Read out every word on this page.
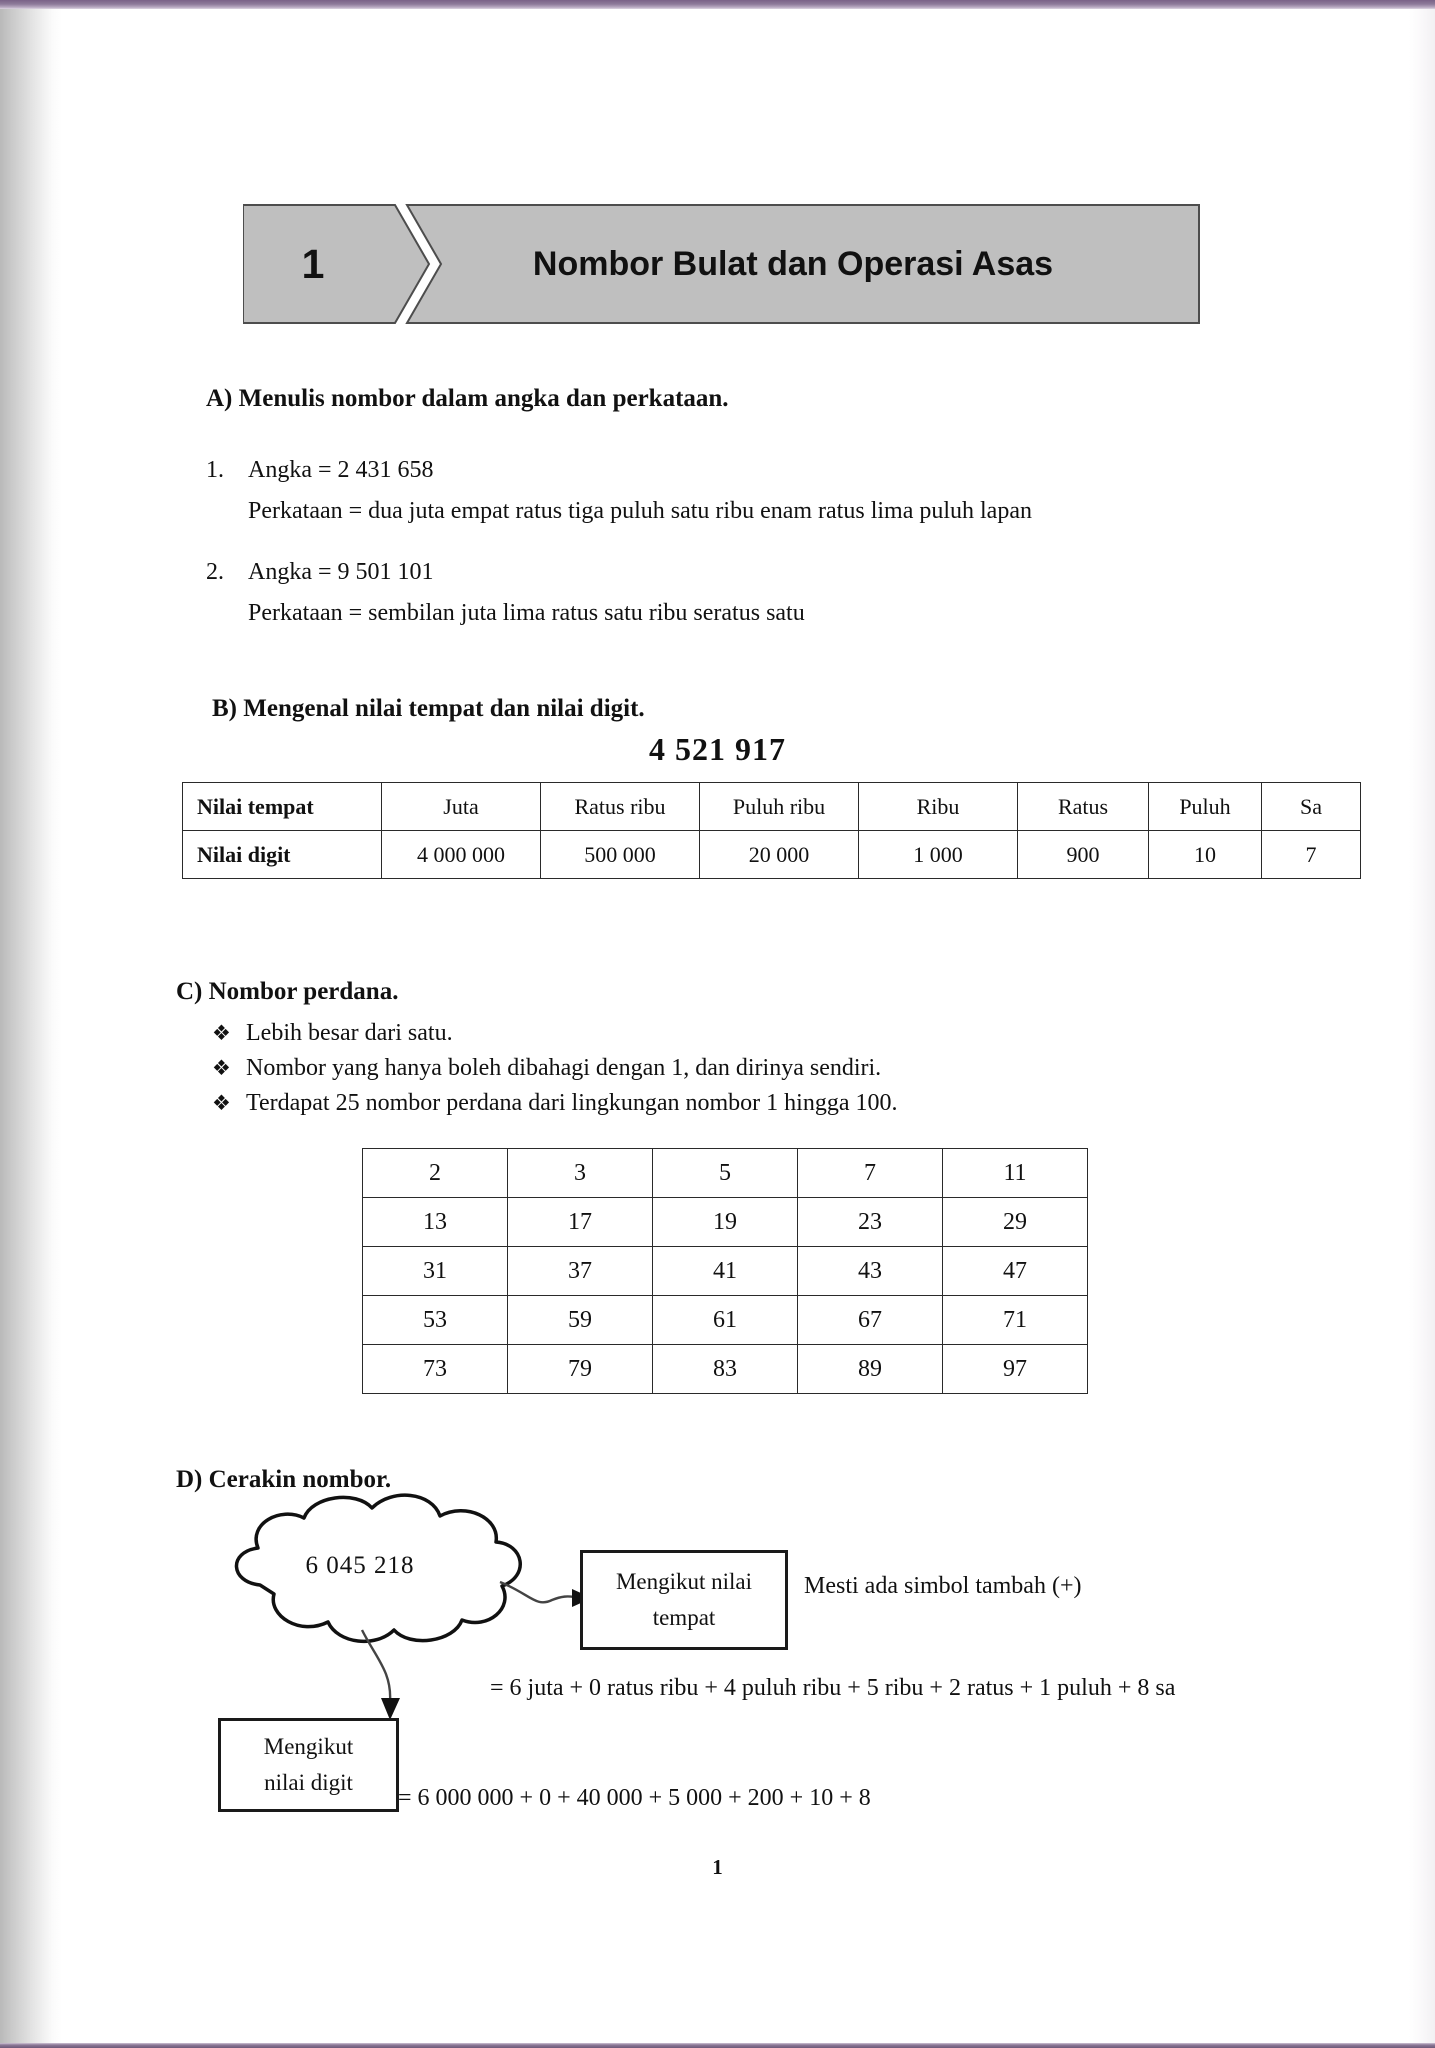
1	Nombor Bulat dan Operasi Asas
A) Menulis nombor dalam angka dan perkataan.
1. Angka = 2 431 658
Perkataan = dua juta empat ratus tiga puluh satu ribu enam ratus lima puluh lapan
2. Angka = 9 501 101
Perkataan = sembilan juta lima ratus satu ribu seratus satu
B) Mengenal nilai tempat dan nilai digit.
4 521 917
Nilai tempat	Juta	Ratus ribu	Puluh ribu	Ribu	Ratus	Puluh	Sa
Nilai digit	4 000 000	500 000	20 000	1 000	900	10	7
C) Nombor perdana.
❖ Lebih besar dari satu.
❖ Nombor yang hanya boleh dibahagi dengan 1, dan dirinya sendiri.
❖ Terdapat 25 nombor perdana dari lingkungan nombor 1 hingga 100.
2	3	5	7	11
13	17	19	23	29
31	37	41	43	47
53	59	61	67	71
73	79	83	89	97
D) Cerakin nombor.
6 045 218
Mengikut nilai
tempat
Mengikut
nilai digit
Mesti ada simbol tambah (+)
= 6 juta + 0 ratus ribu + 4 puluh ribu + 5 ribu + 2 ratus + 1 puluh + 8 sa
= 6 000 000 + 0 + 40 000 + 5 000 + 200 + 10 + 8
1
